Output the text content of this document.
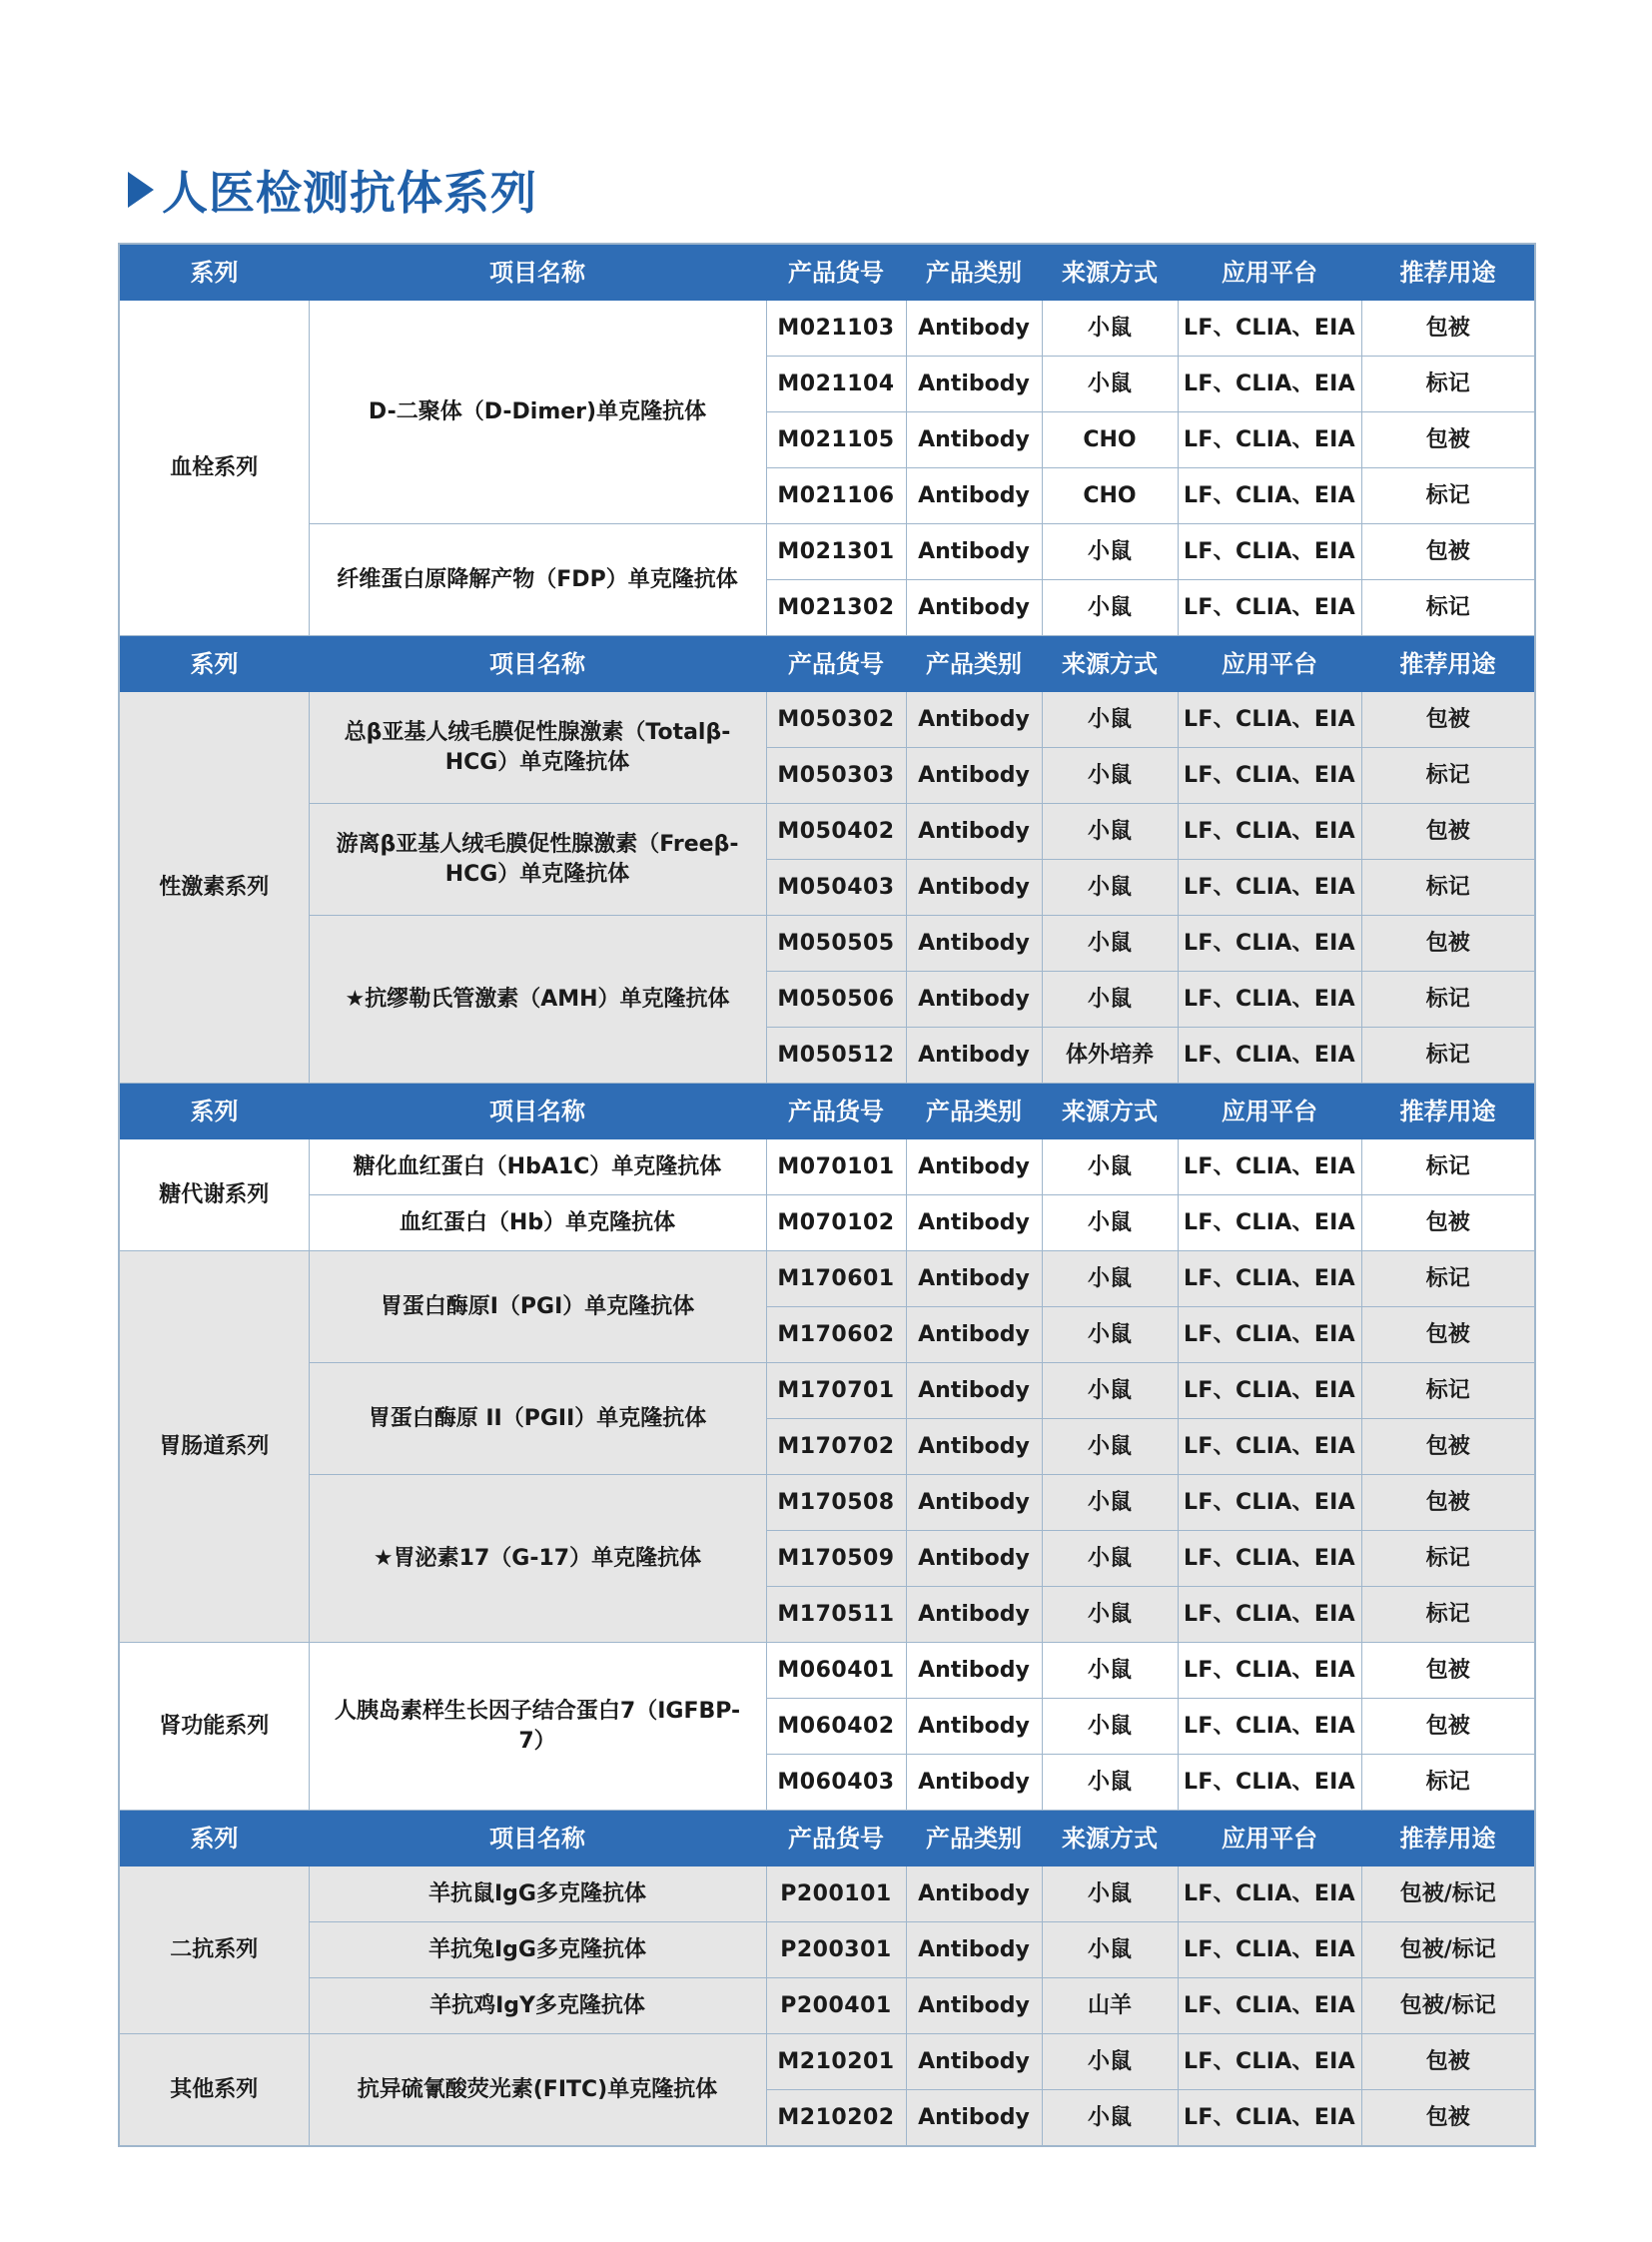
人医检测抗体系列
系列	项目名称	产品货号	产品类别	来源方式	应用平台	推荐用途
血栓系列	D-二聚体（D-Dimer)单克隆抗体	M021103	Antibody	小鼠	LF、CLIA、EIA	包被
		M021104	Antibody	小鼠	LF、CLIA、EIA	标记
		M021105	Antibody	CHO	LF、CLIA、EIA	包被
		M021106	Antibody	CHO	LF、CLIA、EIA	标记
	纤维蛋白原降解产物（FDP）单克隆抗体	M021301	Antibody	小鼠	LF、CLIA、EIA	包被
		M021302	Antibody	小鼠	LF、CLIA、EIA	标记
系列	项目名称	产品货号	产品类别	来源方式	应用平台	推荐用途
性激素系列	总β亚基人绒毛膜促性腺激素（Totalβ-HCG）单克隆抗体	M050302	Antibody	小鼠	LF、CLIA、EIA	包被
		M050303	Antibody	小鼠	LF、CLIA、EIA	标记
	游离β亚基人绒毛膜促性腺激素（Freeβ-HCG）单克隆抗体	M050402	Antibody	小鼠	LF、CLIA、EIA	包被
		M050403	Antibody	小鼠	LF、CLIA、EIA	标记
	★抗缪勒氏管激素（AMH）单克隆抗体	M050505	Antibody	小鼠	LF、CLIA、EIA	包被
		M050506	Antibody	小鼠	LF、CLIA、EIA	标记
		M050512	Antibody	体外培养	LF、CLIA、EIA	标记
系列	项目名称	产品货号	产品类别	来源方式	应用平台	推荐用途
糖代谢系列	糖化血红蛋白（HbA1C）单克隆抗体	M070101	Antibody	小鼠	LF、CLIA、EIA	标记
	血红蛋白（Hb）单克隆抗体	M070102	Antibody	小鼠	LF、CLIA、EIA	包被
胃肠道系列	胃蛋白酶原I（PGI）单克隆抗体	M170601	Antibody	小鼠	LF、CLIA、EIA	标记
		M170602	Antibody	小鼠	LF、CLIA、EIA	包被
	胃蛋白酶原 II（PGII）单克隆抗体	M170701	Antibody	小鼠	LF、CLIA、EIA	标记
		M170702	Antibody	小鼠	LF、CLIA、EIA	包被
	★胃泌素17（G-17）单克隆抗体	M170508	Antibody	小鼠	LF、CLIA、EIA	包被
		M170509	Antibody	小鼠	LF、CLIA、EIA	标记
		M170511	Antibody	小鼠	LF、CLIA、EIA	标记
肾功能系列	人胰岛素样生长因子结合蛋白7（IGFBP-7）	M060401	Antibody	小鼠	LF、CLIA、EIA	包被
		M060402	Antibody	小鼠	LF、CLIA、EIA	包被
		M060403	Antibody	小鼠	LF、CLIA、EIA	标记
系列	项目名称	产品货号	产品类别	来源方式	应用平台	推荐用途
二抗系列	羊抗鼠IgG多克隆抗体	P200101	Antibody	小鼠	LF、CLIA、EIA	包被/标记
	羊抗兔IgG多克隆抗体	P200301	Antibody	小鼠	LF、CLIA、EIA	包被/标记
	羊抗鸡IgY多克隆抗体	P200401	Antibody	山羊	LF、CLIA、EIA	包被/标记
其他系列	抗异硫氰酸荧光素(FITC)单克隆抗体	M210201	Antibody	小鼠	LF、CLIA、EIA	包被
		M210202	Antibody	小鼠	LF、CLIA、EIA	包被
